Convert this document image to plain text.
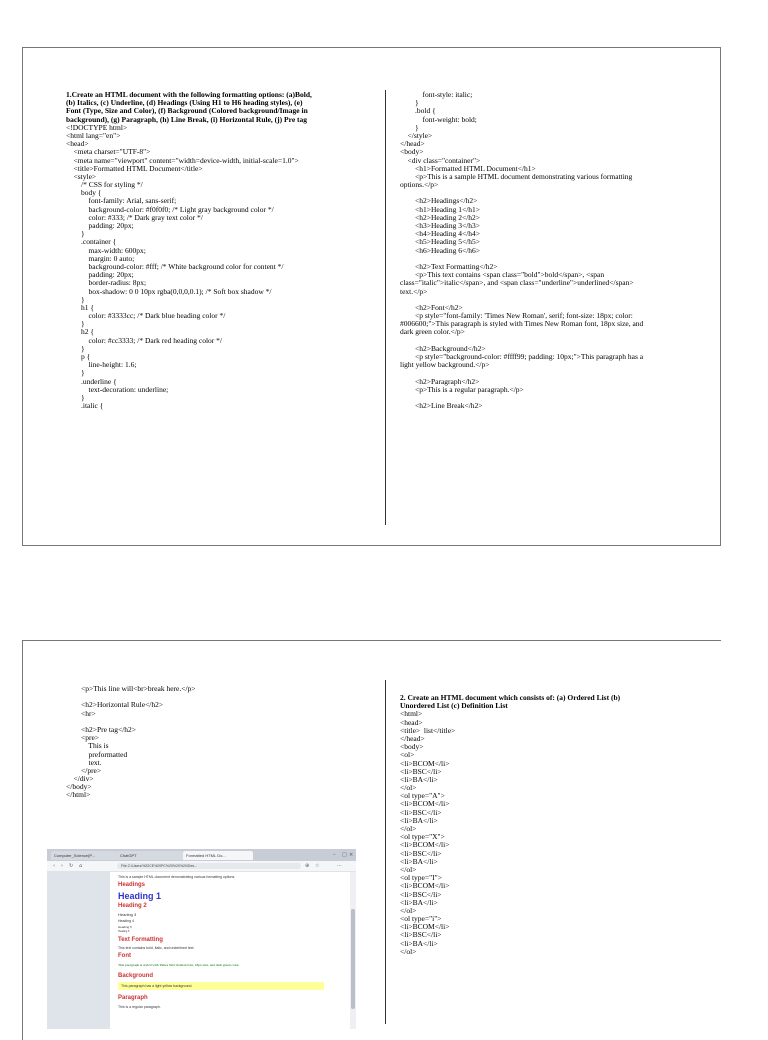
1.Create an HTML document with the following formatting options: (a)Bold,
(b) Italics, (c) Underline, (d) Headings (Using H1 to H6 heading styles), (e)
Font (Type, Size and Color), (f) Background (Colored background/Image in
background), (g) Paragraph, (h) Line Break, (i) Horizontal Rule, (j) Pre tag
<!DOCTYPE html>
<html lang="en">
<head>
<meta charset="UTF-8">
<meta name="viewport" content="width=device-width, initial-scale=1.0">
<title>Formatted HTML Document</title>
<style>
/* CSS for styling */
body {
font-family: Arial, sans-serif;
background-color: #f0f0f0; /* Light gray background color */
color: #333; /* Dark gray text color */
padding: 20px;
}
.container {
max-width: 600px;
margin: 0 auto;
background-color: #fff; /* White background color for content */
padding: 20px;
border-radius: 8px;
box-shadow: 0 0 10px rgba(0,0,0,0.1); /* Soft box shadow */
}
h1 {
color: #3333cc; /* Dark blue heading color */
}
h2 {
color: #cc3333; /* Dark red heading color */
}
p {
line-height: 1.6;
}
.underline {
text-decoration: underline;
}
.italic {
font-style: italic;
}
.bold {
font-weight: bold;
}
</style>
</head>
<body>
<div class="container">
<h1>Formatted HTML Document</h1>
<p>This is a sample HTML document demonstrating various formatting
options.</p>
<h2>Headings</h2>
<h1>Heading 1</h1>
<h2>Heading 2</h2>
<h3>Heading 3</h3>
<h4>Heading 4</h4>
<h5>Heading 5</h5>
<h6>Heading 6</h6>
<h2>Text Formatting</h2>
<p>This text contains <span class="bold">bold</span>, <span
class="italic">italic</span>, and <span class="underline">underlined</span>
text.</p>
<h2>Font</h2>
<p style="font-family: 'Times New Roman', serif; font-size: 18px; color:
#006600;">This paragraph is styled with Times New Roman font, 18px size, and
dark green color.</p>
<h2>Background</h2>
<p style="background-color: #ffff99; padding: 10px;">This paragraph has a
light yellow background.</p>
<h2>Paragraph</h2>
<p>This is a regular paragraph.</p>
<h2>Line Break</h2>
<p>This line will<br>break here.</p>
<h2>Horizontal Rule</h2>
<hr>
<h2>Pre tag</h2>
<pre>
This is
preformatted
text.
</pre>
</div>
</body>
</html>
2. Create an HTML document which consists of: (a) Ordered List (b)
Unordered List (c) Definition List
<html>
<head>
<title>  list</title>
</head>
<body>
<ol>
<li>BCOM</li>
<li>BSC</li>
<li>BA</li>
</ol>
<ol type="A">
<li>BCOM</li>
<li>BSC</li>
<li>BA</li>
</ol>
<ol type="X">
<li>BCOM</li>
<li>BSC</li>
<li>BA</li>
</ol>
<ol type="I">
<li>BCOM</li>
<li>BSC</li>
<li>BA</li>
</ol>
<ol type="i">
<li>BCOM</li>
<li>BSC</li>
<li>BA</li>
</ol>
Computer_Science(P...	ChatGPT	Formatted HTML Do...	– □ ×
‹ › ↻ ⌂	File C:/Users/%20CE%20PC%20%20%20/Des...	⊕ ☆	⋯
This is a sample HTML document demonstrating various formatting options.
Headings
Heading 1
Heading 2
Heading 3
Heading 4
Heading 5
Heading 6
Text Formatting
This text contains bold, italic, and underlined text.
Font
This paragraph is styled with Times New Roman font, 18px size, and dark green color.
Background
This paragraph has a light yellow background.
Paragraph
This is a regular paragraph.
